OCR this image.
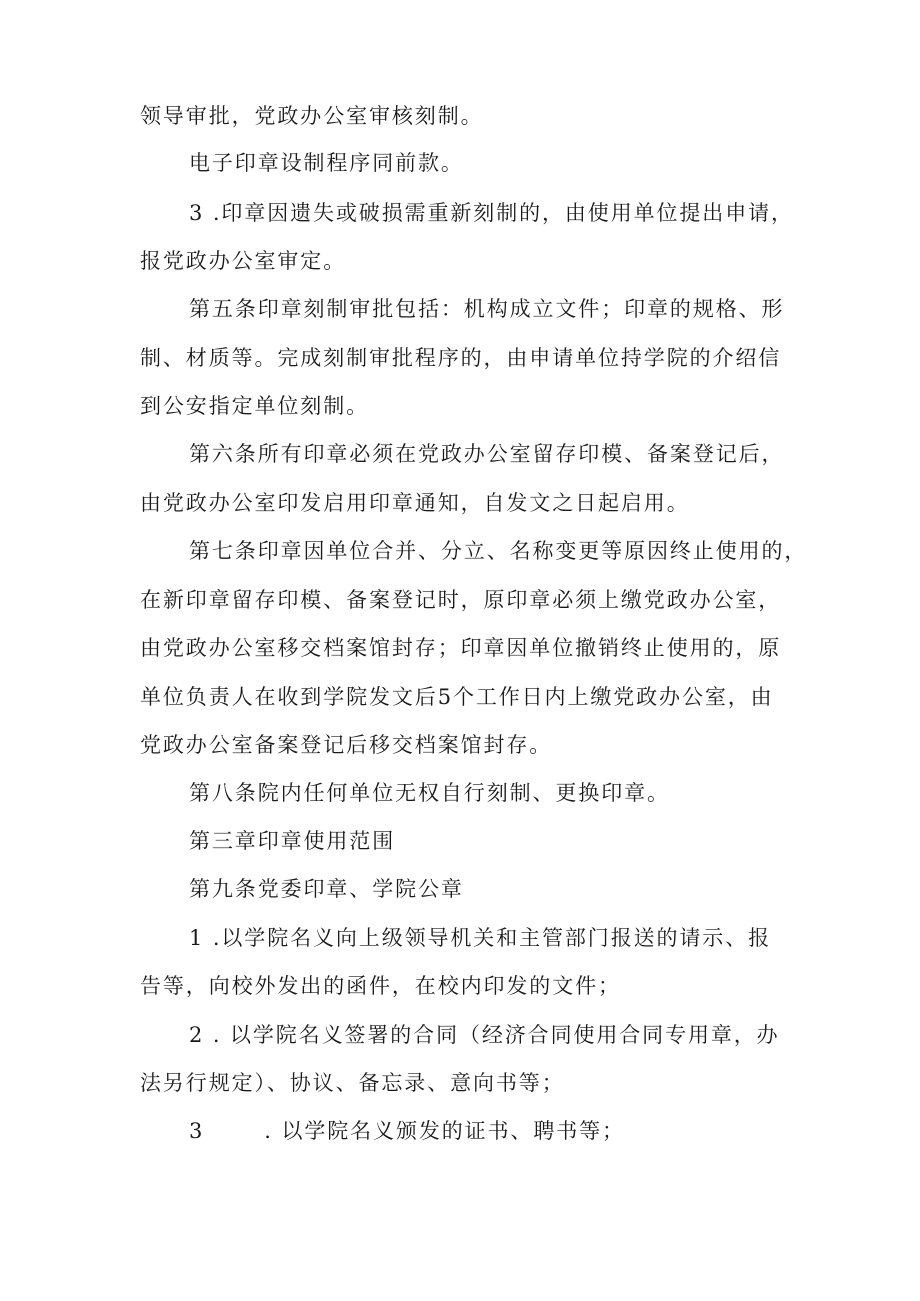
领导审批，党政办公室审核刻制。
电子印章设制程序同前款。
3 .印章因遗失或破损需重新刻制的，由使用单位提出申请，
报党政办公室审定。
第五条印章刻制审批包括：机构成立文件；印章的规格、形
制、材质等。完成刻制审批程序的，由申请单位持学院的介绍信
到公安指定单位刻制。
第六条所有印章必须在党政办公室留存印模、备案登记后，
由党政办公室印发启用印章通知，自发文之日起启用。
第七条印章因单位合并、分立、名称变更等原因终止使用的，
在新印章留存印模、备案登记时，原印章必须上缴党政办公室，
由党政办公室移交档案馆封存；印章因单位撤销终止使用的，原
单位负责人在收到学院发文后5个工作日内上缴党政办公室，由
党政办公室备案登记后移交档案馆封存。
第八条院内任何单位无权自行刻制、更换印章。
第三章印章使用范围
第九条党委印章、学院公章
1 .以学院名义向上级领导机关和主管部门报送的请示、报
告等，向校外发出的函件，在校内印发的文件；
2 . 以学院名义签署的合同（经济合同使用合同专用章，办
法另行规定）、协议、备忘录、意向书等；
3       . 以学院名义颁发的证书、聘书等；
